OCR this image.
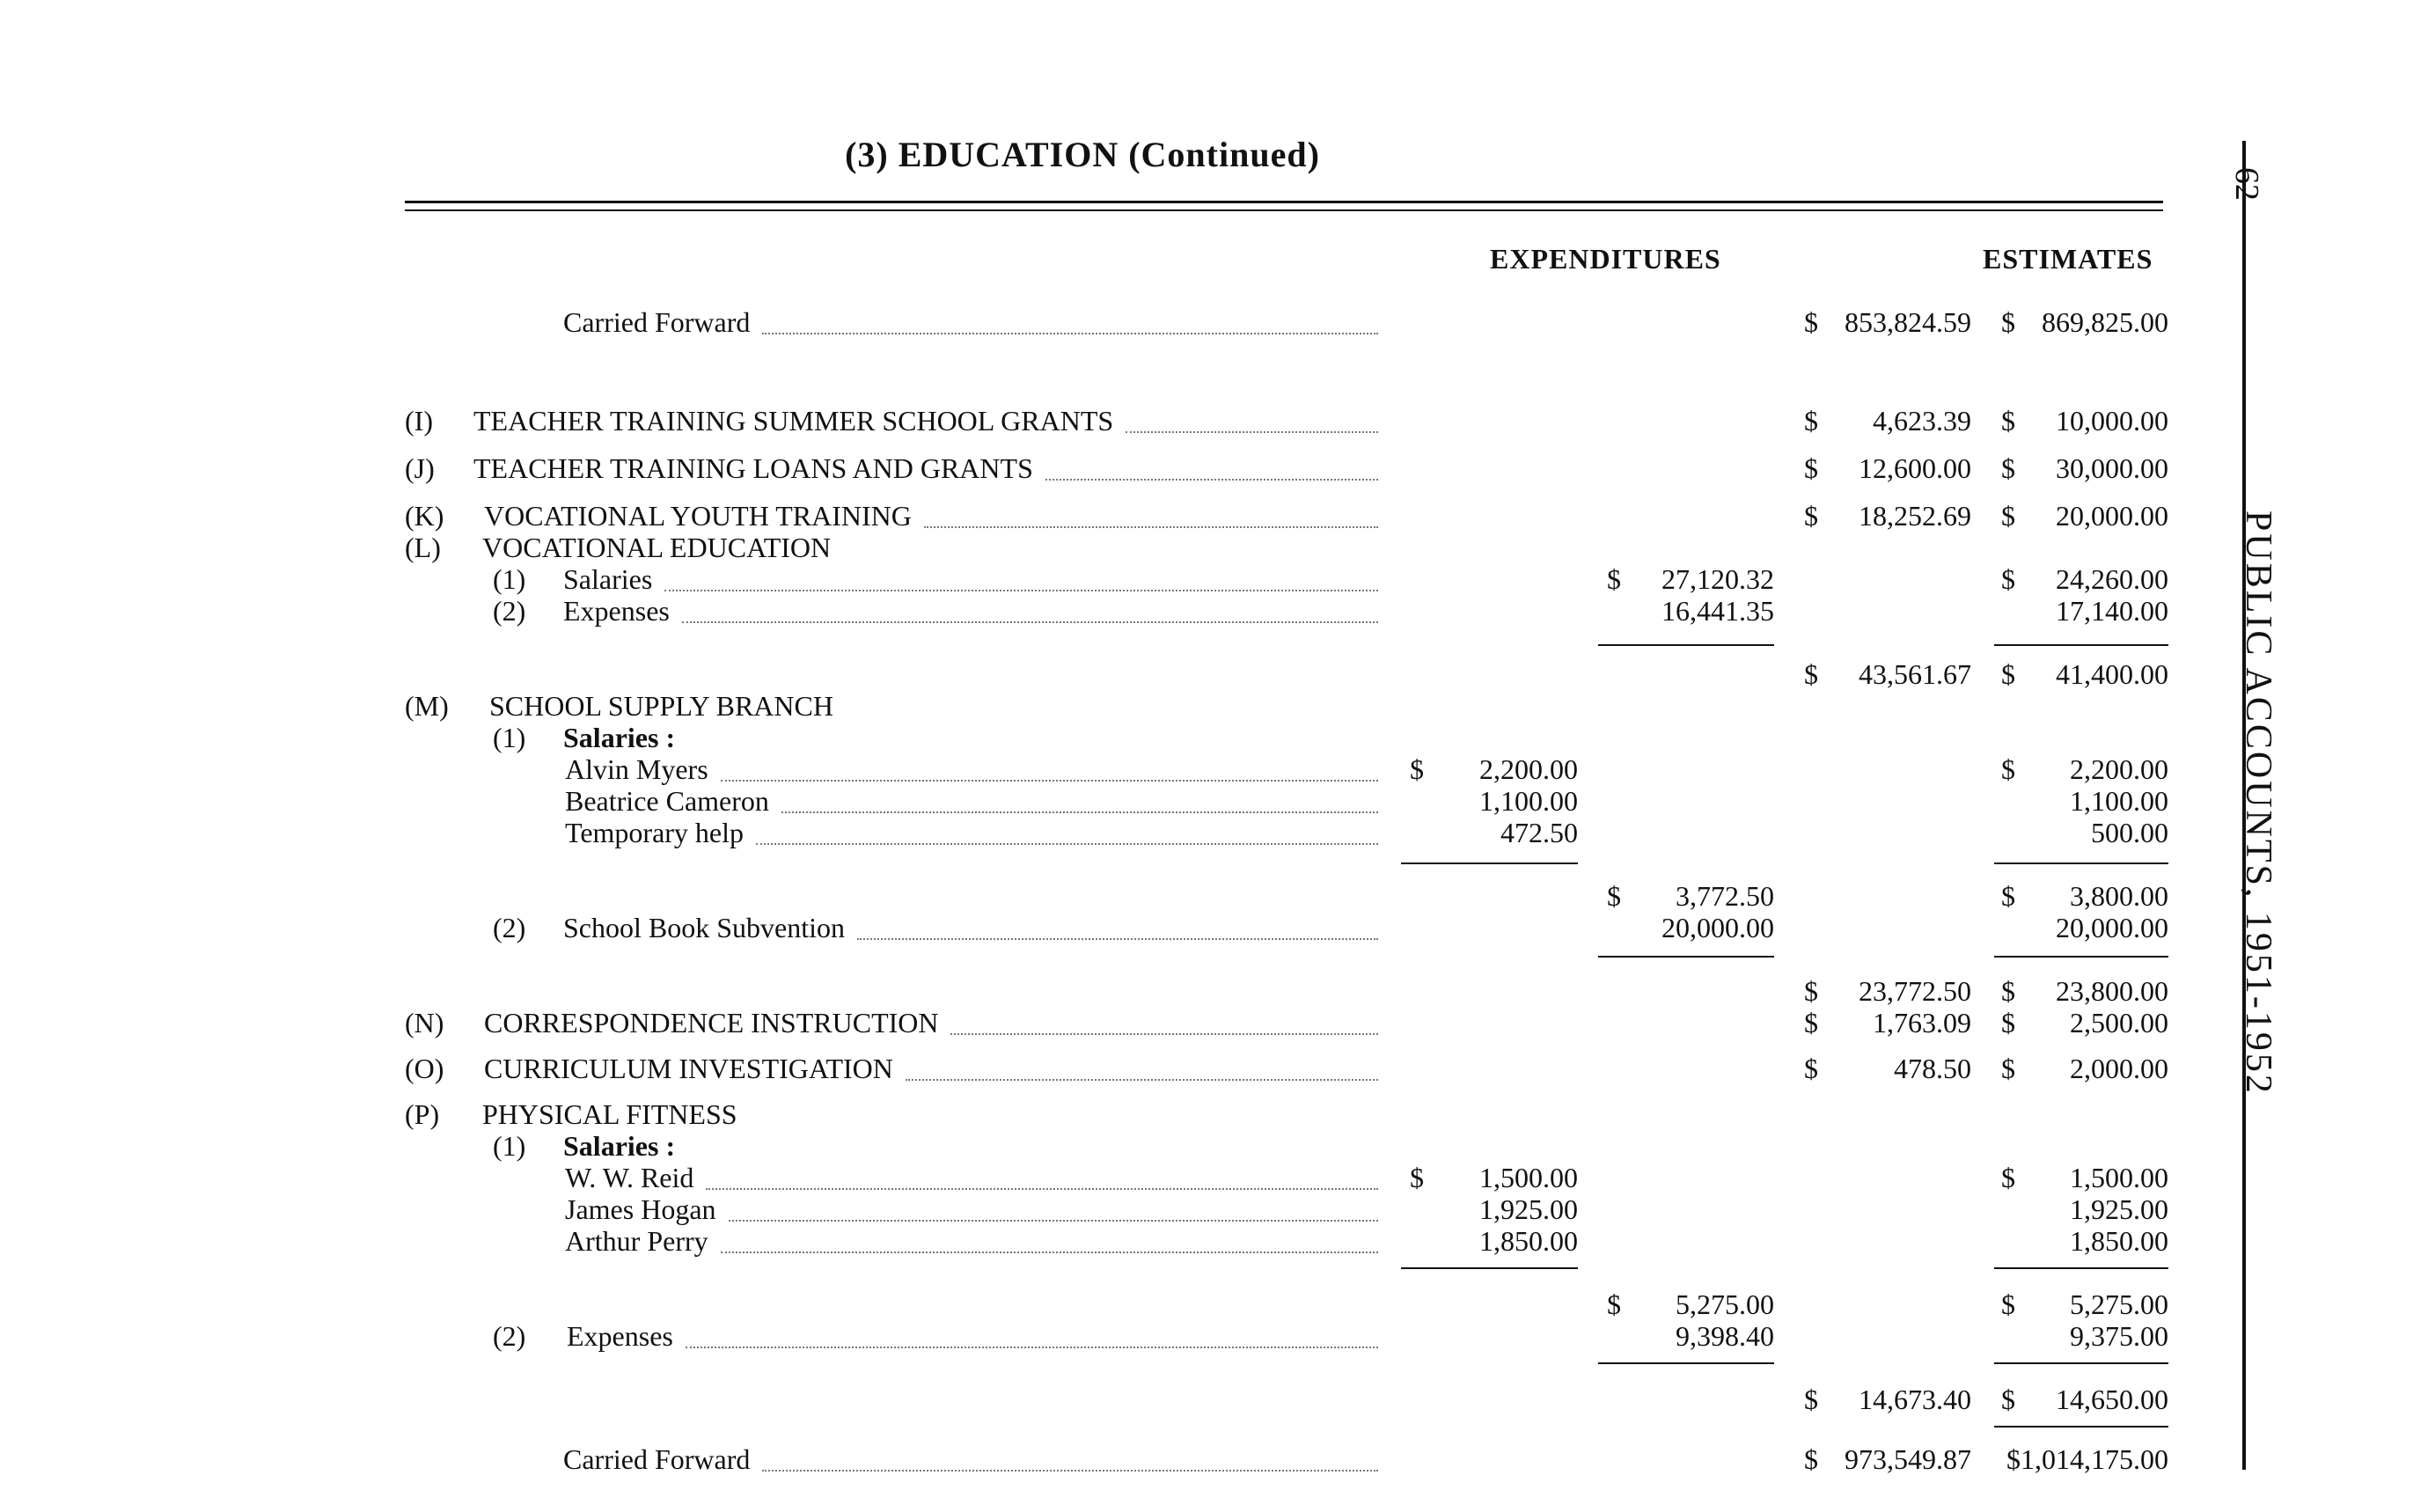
(3) EDUCATION (Continued)
62
PUBLIC ACCOUNTS, 1951-1952
EXPENDITURES	ESTIMATES
Carried Forward	$ 853,824.59 $ 869,825.00
(I)	TEACHER TRAINING SUMMER SCHOOL GRANTS	$	4,623.39 $	10,000.00
(J)	TEACHER TRAINING LOANS AND GRANTS	$	12,600.00 $	30,000.00
(K)	VOCATIONAL YOUTH TRAINING	$	18,252.69 $	20,000.00
(L)	VOCATIONAL EDUCATION
(1) Salaries	$	27,120.32	$	24,260.00
(2) Expenses	16,441.35	17,140.00
$	43,561.67 $	41,400.00
(M)	SCHOOL SUPPLY BRANCH
(1) Salaries :
Alvin Myers	$	2,200.00	$	2,200.00
Beatrice Cameron	1,100.00	1,100.00
Temporary help	472.50	500.00
$	3,772.50	$	3,800.00
(2) School Book Subvention	20,000.00	20,000.00
$	23,772.50 $	23,800.00
(N)	CORRESPONDENCE INSTRUCTION	$	1,763.09 $	2,500.00
(O)	CURRICULUM INVESTIGATION	$	478.50 $	2,000.00
(P)	PHYSICAL FITNESS
(1) Salaries :
W. W. Reid	$	1,500.00	$	1,500.00
James Hogan	1,925.00	1,925.00
Arthur Perry	1,850.00	1,850.00
$	5,275.00	$	5,275.00
(2) Expenses	9,398.40	9,375.00
$	14,673.40 $	14,650.00
Carried Forward	$ 973,549.87	$1,014,175.00
